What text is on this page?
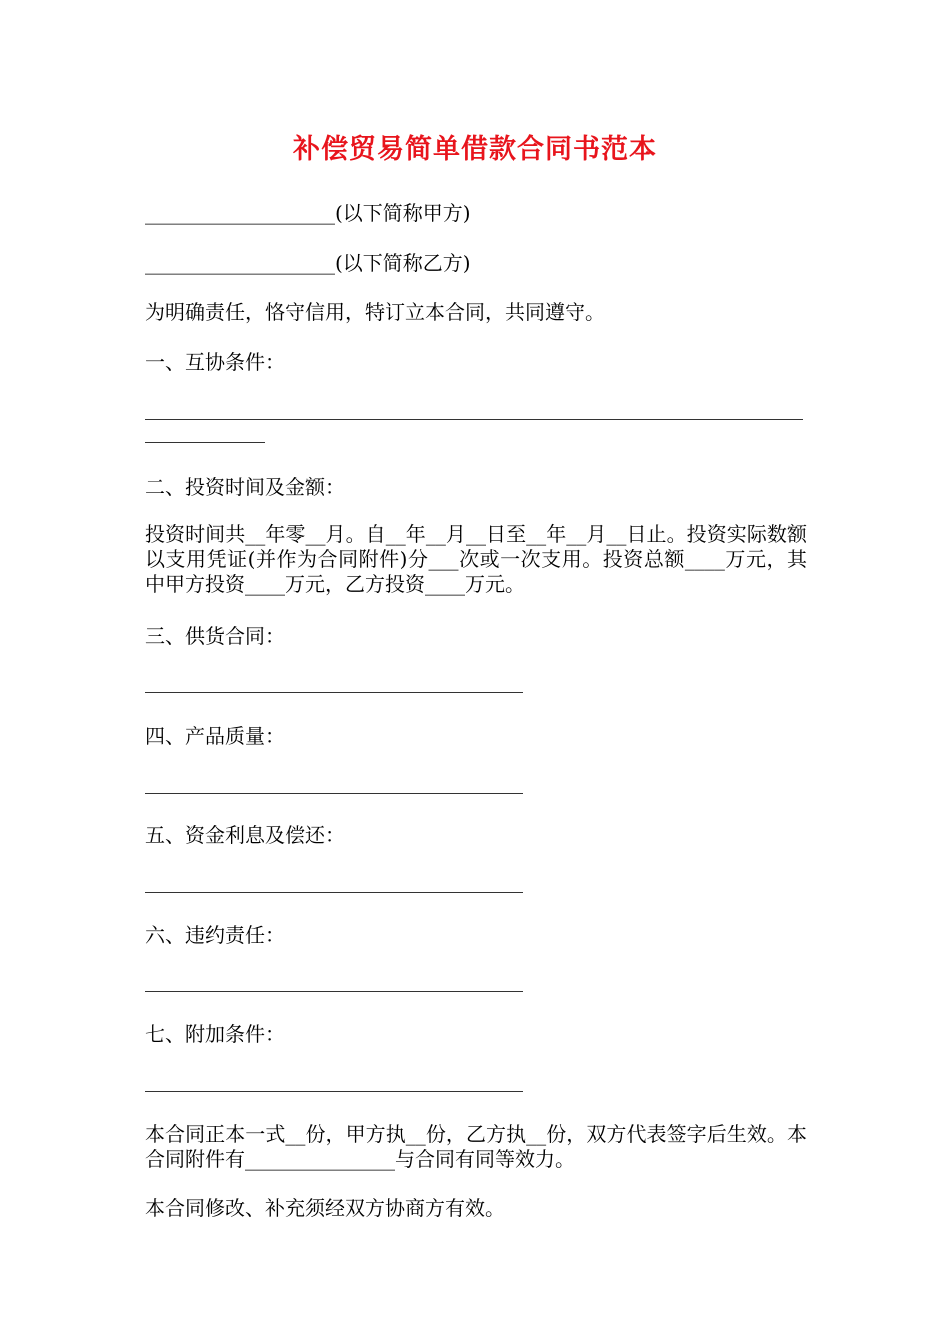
补偿贸易简单借款合同书范本

___________________(以下简称甲方)

___________________(以下简称乙方)

为明确责任，恪守信用，特订立本合同，共同遵守。

一、互协条件：

二、投资时间及金额：

投资时间共__年零__月。自__年__月__日至__年__月__日止。投资实际数额以支用凭证(并作为合同附件)分___次或一次支用。投资总额____万元，其中甲方投资____万元，乙方投资____万元。

三、供货合同：

四、产品质量：

五、资金利息及偿还：

六、违约责任：

七、附加条件：

本合同正本一式__份，甲方执__份，乙方执__份，双方代表签字后生效。本合同附件有_______________与合同有同等效力。

本合同修改、补充须经双方协商方有效。
